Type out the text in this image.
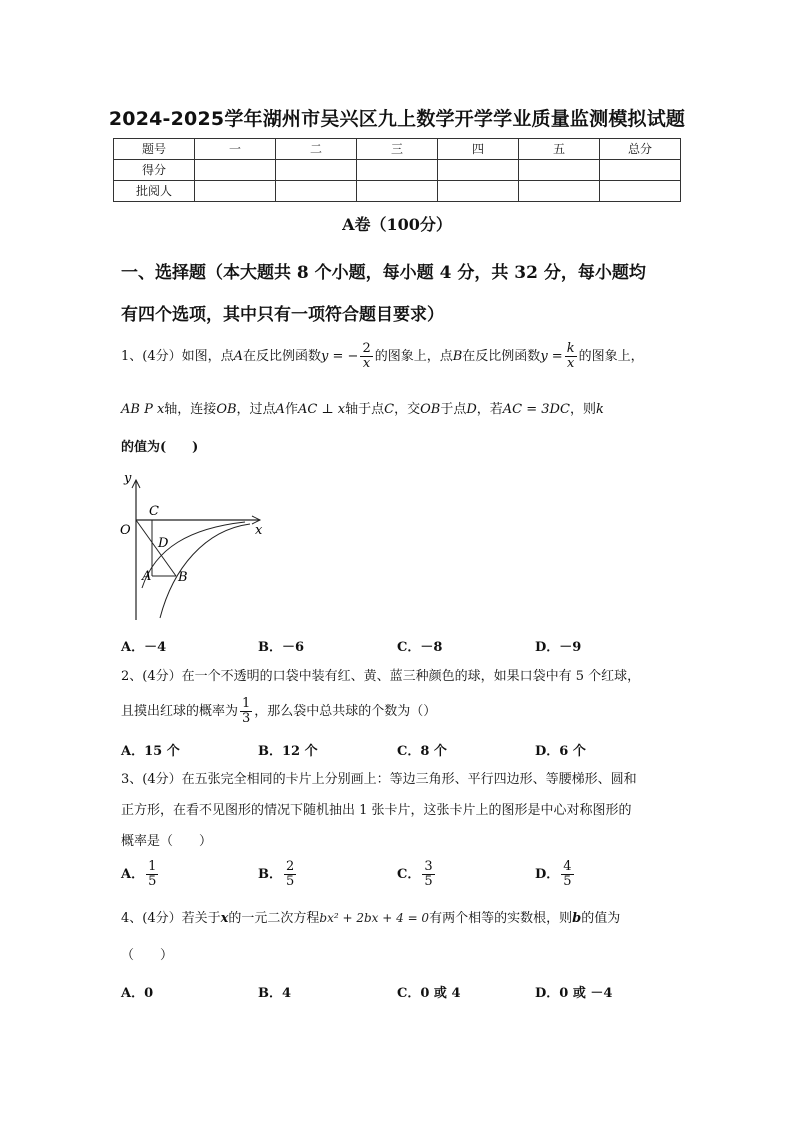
2024-2025学年湖州市吴兴区九上数学开学学业质量监测模拟试题
题号	一	二	三	四	五	总分
得分						
批阅人						
A卷（100分）
一、选择题（本大题共 8 个小题，每小题 4 分，共 32 分，每小题均
有四个选项，其中只有一项符合题目要求）
1、(4分）如图，点A在反比例函数y = − $\frac{2}{x}$ 的图象上，点B在反比例函数$y = \frac{k}{x}$ 的图象上，
AB P x轴，连接OB，过点A作AC ⊥ x轴于点C，交OB于点D，若AC = 3DC，则k
的值为(　　)
y
x
O
C
D
A B
A．－4	B．－6	C．－8	D．－9
2、(4分）在一个不透明的口袋中装有红、黄、蓝三种颜色的球，如果口袋中有 5 个红球，
且摸出红球的概率为 $\frac{1}{3}$ ，那么袋中总共球的个数为（）
A．15 个	B．12 个	C．8 个	D．6 个
3、(4分）在五张完全相同的卡片上分别画上：等边三角形、平行四边形、等腰梯形、圆和
正方形，在看不见图形的情况下随机抽出 1 张卡片，这张卡片上的图形是中心对称图形的
概率是（　　）
A． $\frac{1}{5}$	B． $\frac{2}{5}$	C． $\frac{3}{5}$	D． $\frac{4}{5}$
4、(4分）若关于x的一元二次方程bx² + 2bx + 4 = 0有两个相等的实数根，则b的值为
（　　）
A．0	B．4	C．0 或 4	D．0 或 －4
